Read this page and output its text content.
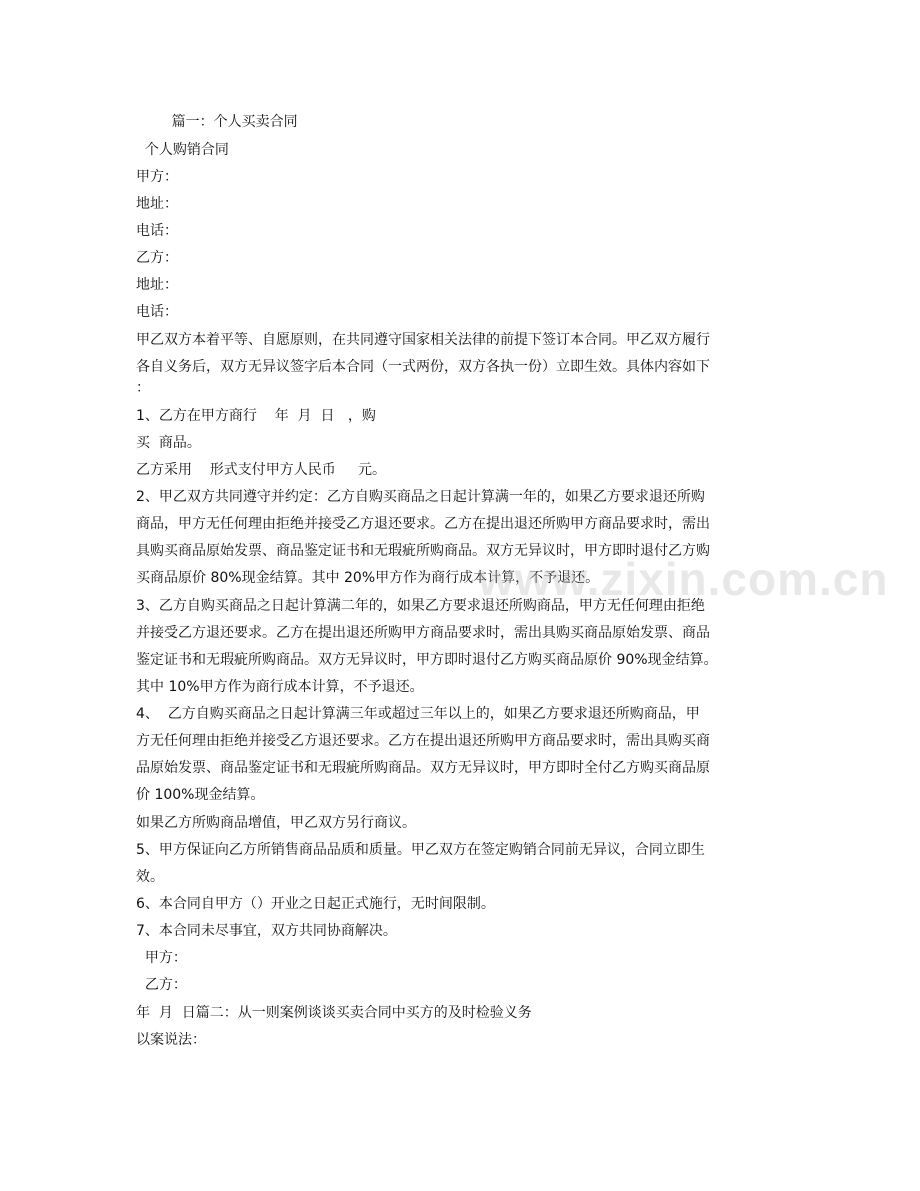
篇一：个人买卖合同

个人购销合同

甲方：

地址：

电话：

乙方：

地址：

电话：

甲乙双方本着平等、自愿原则，在共同遵守国家相关法律的前提下签订本合同。甲乙双方履行

各自义务后，双方无异议签字后本合同（一式两份，双方各执一份）立即生效。具体内容如下

：

1、乙方在甲方商行    年  月  日   ，购

买  商品。

乙方采用    形式支付甲方人民币     元。

2、甲乙双方共同遵守并约定：乙方自购买商品之日起计算满一年的，如果乙方要求退还所购

商品，甲方无任何理由拒绝并接受乙方退还要求。乙方在提出退还所购甲方商品要求时，需出

具购买商品原始发票、商品鉴定证书和无瑕疵所购商品。双方无异议时，甲方即时退付乙方购

买商品原价 80%现金结算。其中 20%甲方作为商行成本计算，不予退还。

3、乙方自购买商品之日起计算满二年的，如果乙方要求退还所购商品，甲方无任何理由拒绝

并接受乙方退还要求。乙方在提出退还所购甲方商品要求时，需出具购买商品原始发票、商品

鉴定证书和无瑕疵所购商品。双方无异议时，甲方即时退付乙方购买商品原价 90%现金结算。

其中 10%甲方作为商行成本计算，不予退还。

4、  乙方自购买商品之日起计算满三年或超过三年以上的，如果乙方要求退还所购商品，甲

方无任何理由拒绝并接受乙方退还要求。乙方在提出退还所购甲方商品要求时，需出具购买商

品原始发票、商品鉴定证书和无瑕疵所购商品。双方无异议时，甲方即时全付乙方购买商品原

价 100%现金结算。

如果乙方所购商品增值，甲乙双方另行商议。

5、甲方保证向乙方所销售商品品质和质量。甲乙双方在签定购销合同前无异议，合同立即生

效。

6、本合同自甲方（）开业之日起正式施行，无时间限制。

7、本合同未尽事宜，双方共同协商解决。

甲方：

乙方：

年  月  日篇二：从一则案例谈谈买卖合同中买方的及时检验义务

以案说法：

www.zixin.com.cn
